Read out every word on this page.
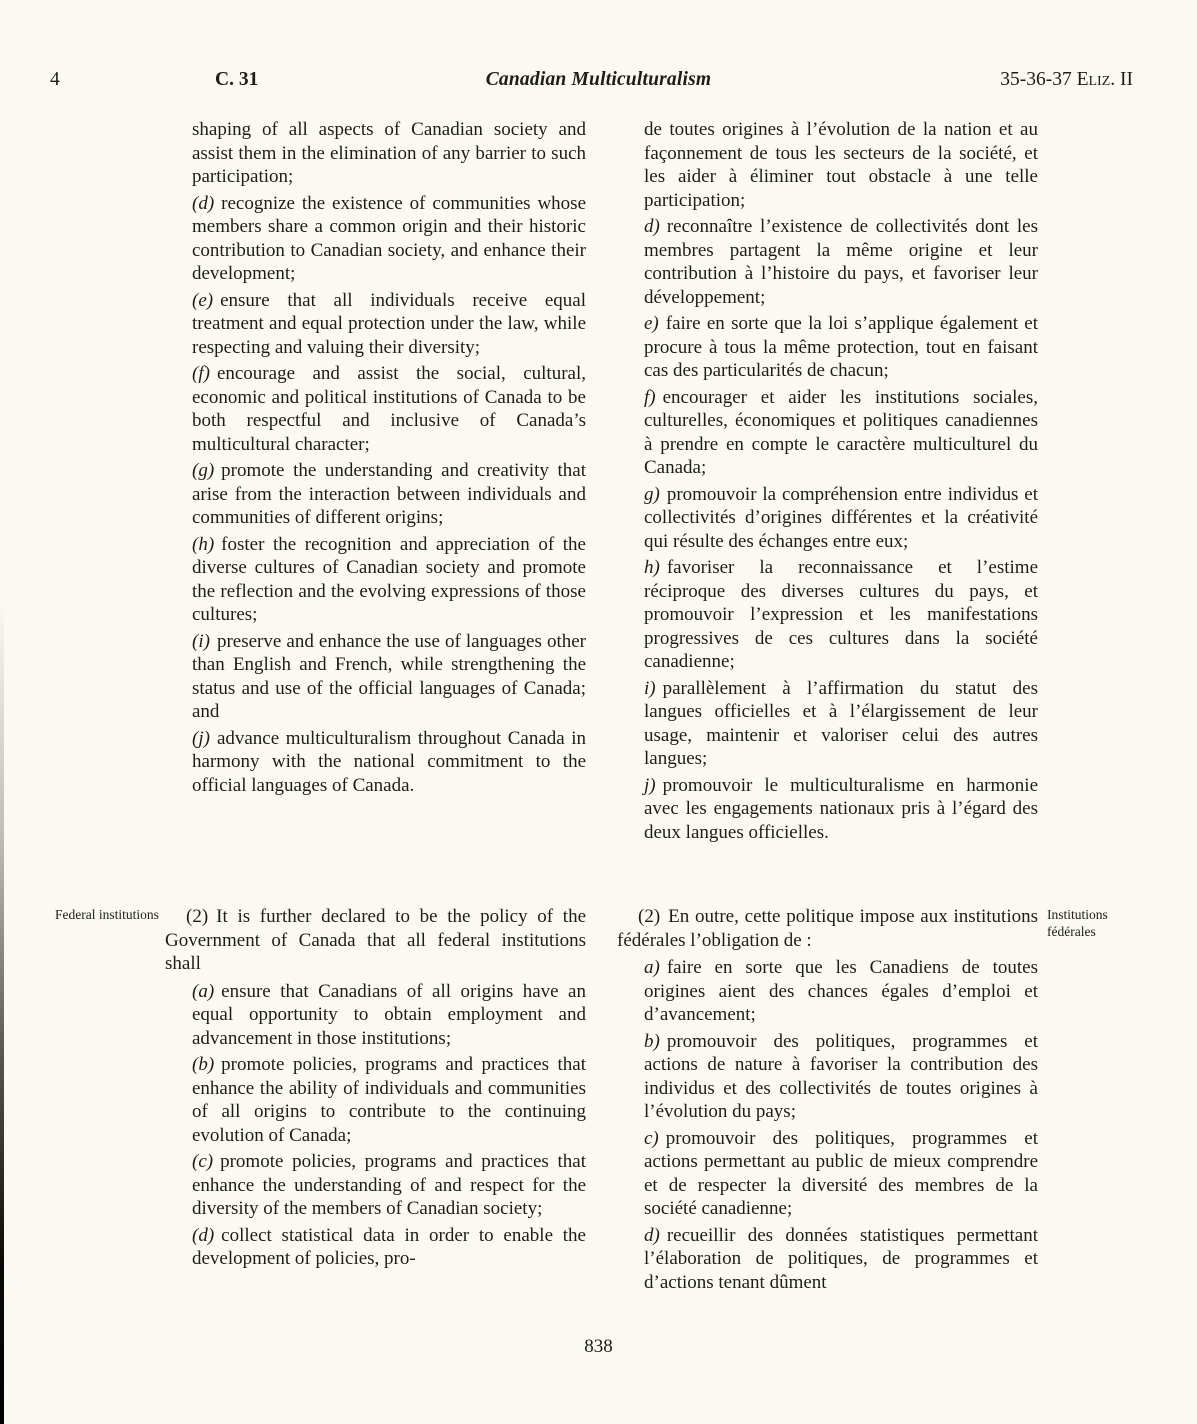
4	C. 31	Canadian Multiculturalism	35-36-37 Eliz. II

shaping of all aspects of Canadian society and assist them in the elimination of any barrier to such participation;

(d) recognize the existence of communities whose members share a common origin and their historic contribution to Canadian society, and enhance their development;

(e) ensure that all individuals receive equal treatment and equal protection under the law, while respecting and valuing their diversity;

(f) encourage and assist the social, cultural, economic and political institutions of Canada to be both respectful and inclusive of Canada’s multicultural character;

(g) promote the understanding and creativity that arise from the interaction between individuals and communities of different origins;

(h) foster the recognition and appreciation of the diverse cultures of Canadian society and promote the reflection and the evolving expressions of those cultures;

(i) preserve and enhance the use of languages other than English and French, while strengthening the status and use of the official languages of Canada; and

(j) advance multiculturalism throughout Canada in harmony with the national commitment to the official languages of Canada.

(2) It is further declared to be the policy of the Government of Canada that all federal institutions shall

(a) ensure that Canadians of all origins have an equal opportunity to obtain employment and advancement in those institutions;

(b) promote policies, programs and practices that enhance the ability of individuals and communities of all origins to contribute to the continuing evolution of Canada;

(c) promote policies, programs and practices that enhance the understanding of and respect for the diversity of the members of Canadian society;

(d) collect statistical data in order to enable the development of policies, pro-

de toutes origines à l’évolution de la nation et au façonnement de tous les secteurs de la société, et les aider à éliminer tout obstacle à une telle participation;

d) reconnaître l’existence de collectivités dont les membres partagent la même origine et leur contribution à l’histoire du pays, et favoriser leur développement;

e) faire en sorte que la loi s’applique également et procure à tous la même protection, tout en faisant cas des particularités de chacun;

f) encourager et aider les institutions sociales, culturelles, économiques et politiques canadiennes à prendre en compte le caractère multiculturel du Canada;

g) promouvoir la compréhension entre individus et collectivités d’origines différentes et la créativité qui résulte des échanges entre eux;

h) favoriser la reconnaissance et l’estime réciproque des diverses cultures du pays, et promouvoir l’expression et les manifestations progressives de ces cultures dans la société canadienne;

i) parallèlement à l’affirmation du statut des langues officielles et à l’élargissement de leur usage, maintenir et valoriser celui des autres langues;

j) promouvoir le multiculturalisme en harmonie avec les engagements nationaux pris à l’égard des deux langues officielles.

(2) En outre, cette politique impose aux institutions fédérales l’obligation de :

a) faire en sorte que les Canadiens de toutes origines aient des chances égales d’emploi et d’avancement;

b) promouvoir des politiques, programmes et actions de nature à favoriser la contribution des individus et des collectivités de toutes origines à l’évolution du pays;

c) promouvoir des politiques, programmes et actions permettant au public de mieux comprendre et de respecter la diversité des membres de la société canadienne;

d) recueillir des données statistiques permettant l’élaboration de politiques, de programmes et d’actions tenant dûment

Federal institutions	Institutions fédérales
838
